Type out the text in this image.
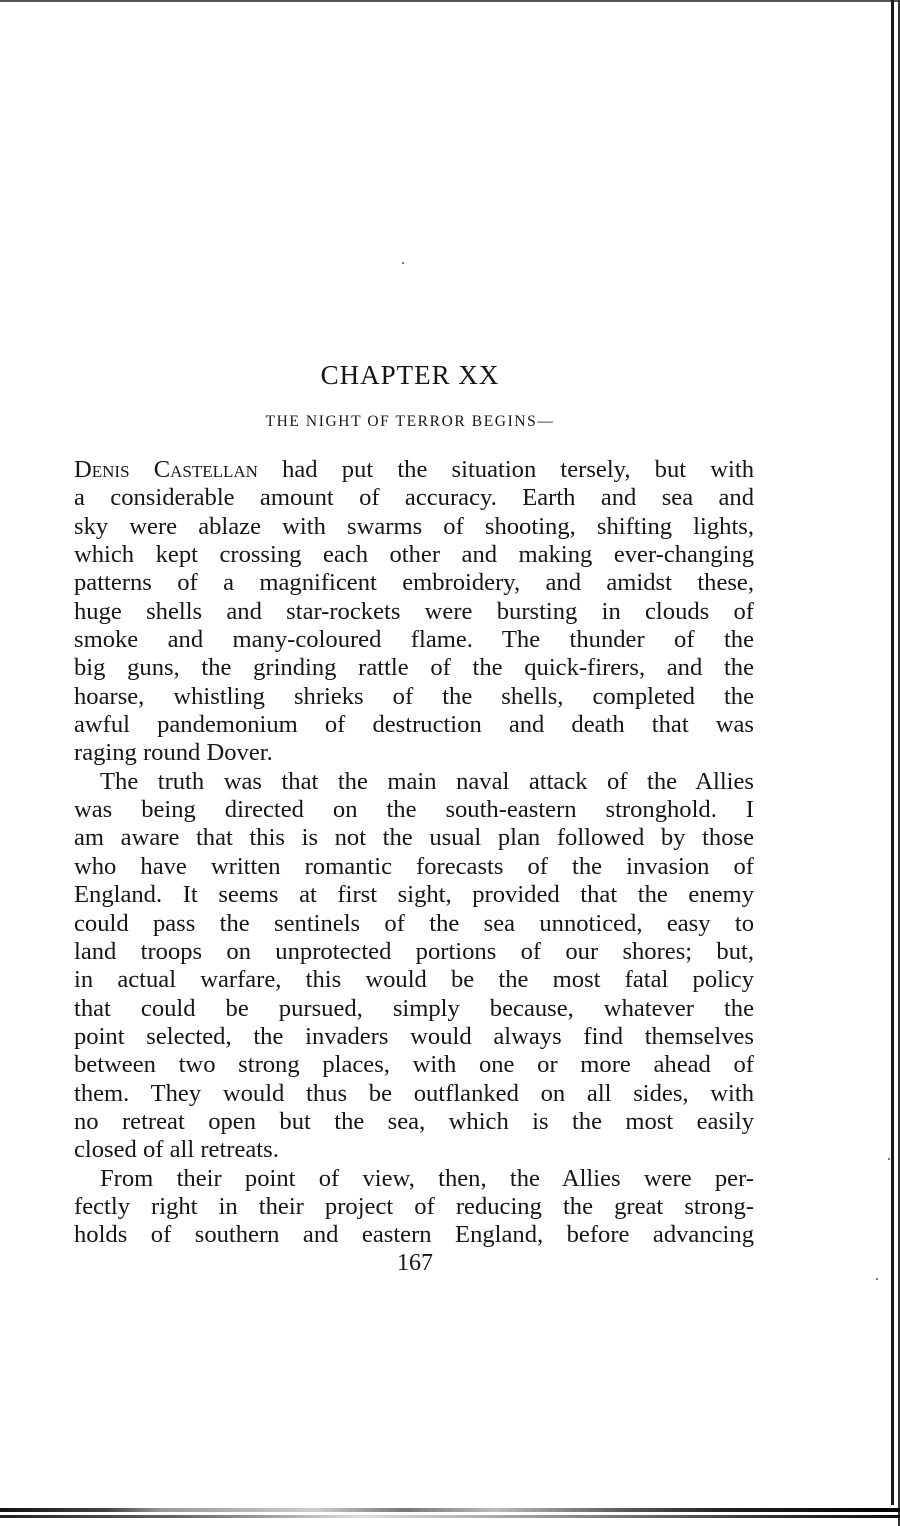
CHAPTER XX
THE NIGHT OF TERROR BEGINS—
Denis Castellan had put the situation tersely, but with
a considerable amount of accuracy. Earth and sea and
sky were ablaze with swarms of shooting, shifting lights,
which kept crossing each other and making ever-changing
patterns of a magnificent embroidery, and amidst these,
huge shells and star-rockets were bursting in clouds of
smoke and many-coloured flame. The thunder of the
big guns, the grinding rattle of the quick-firers, and the
hoarse, whistling shrieks of the shells, completed the
awful pandemonium of destruction and death that was
raging round Dover.
The truth was that the main naval attack of the Allies
was being directed on the south-eastern stronghold. I
am aware that this is not the usual plan followed by those
who have written romantic forecasts of the invasion of
England. It seems at first sight, provided that the enemy
could pass the sentinels of the sea unnoticed, easy to
land troops on unprotected portions of our shores; but,
in actual warfare, this would be the most fatal policy
that could be pursued, simply because, whatever the
point selected, the invaders would always find themselves
between two strong places, with one or more ahead of
them. They would thus be outflanked on all sides, with
no retreat open but the sea, which is the most easily
closed of all retreats.
From their point of view, then, the Allies were per-
fectly right in their project of reducing the great strong-
holds of southern and eastern England, before advancing
167
